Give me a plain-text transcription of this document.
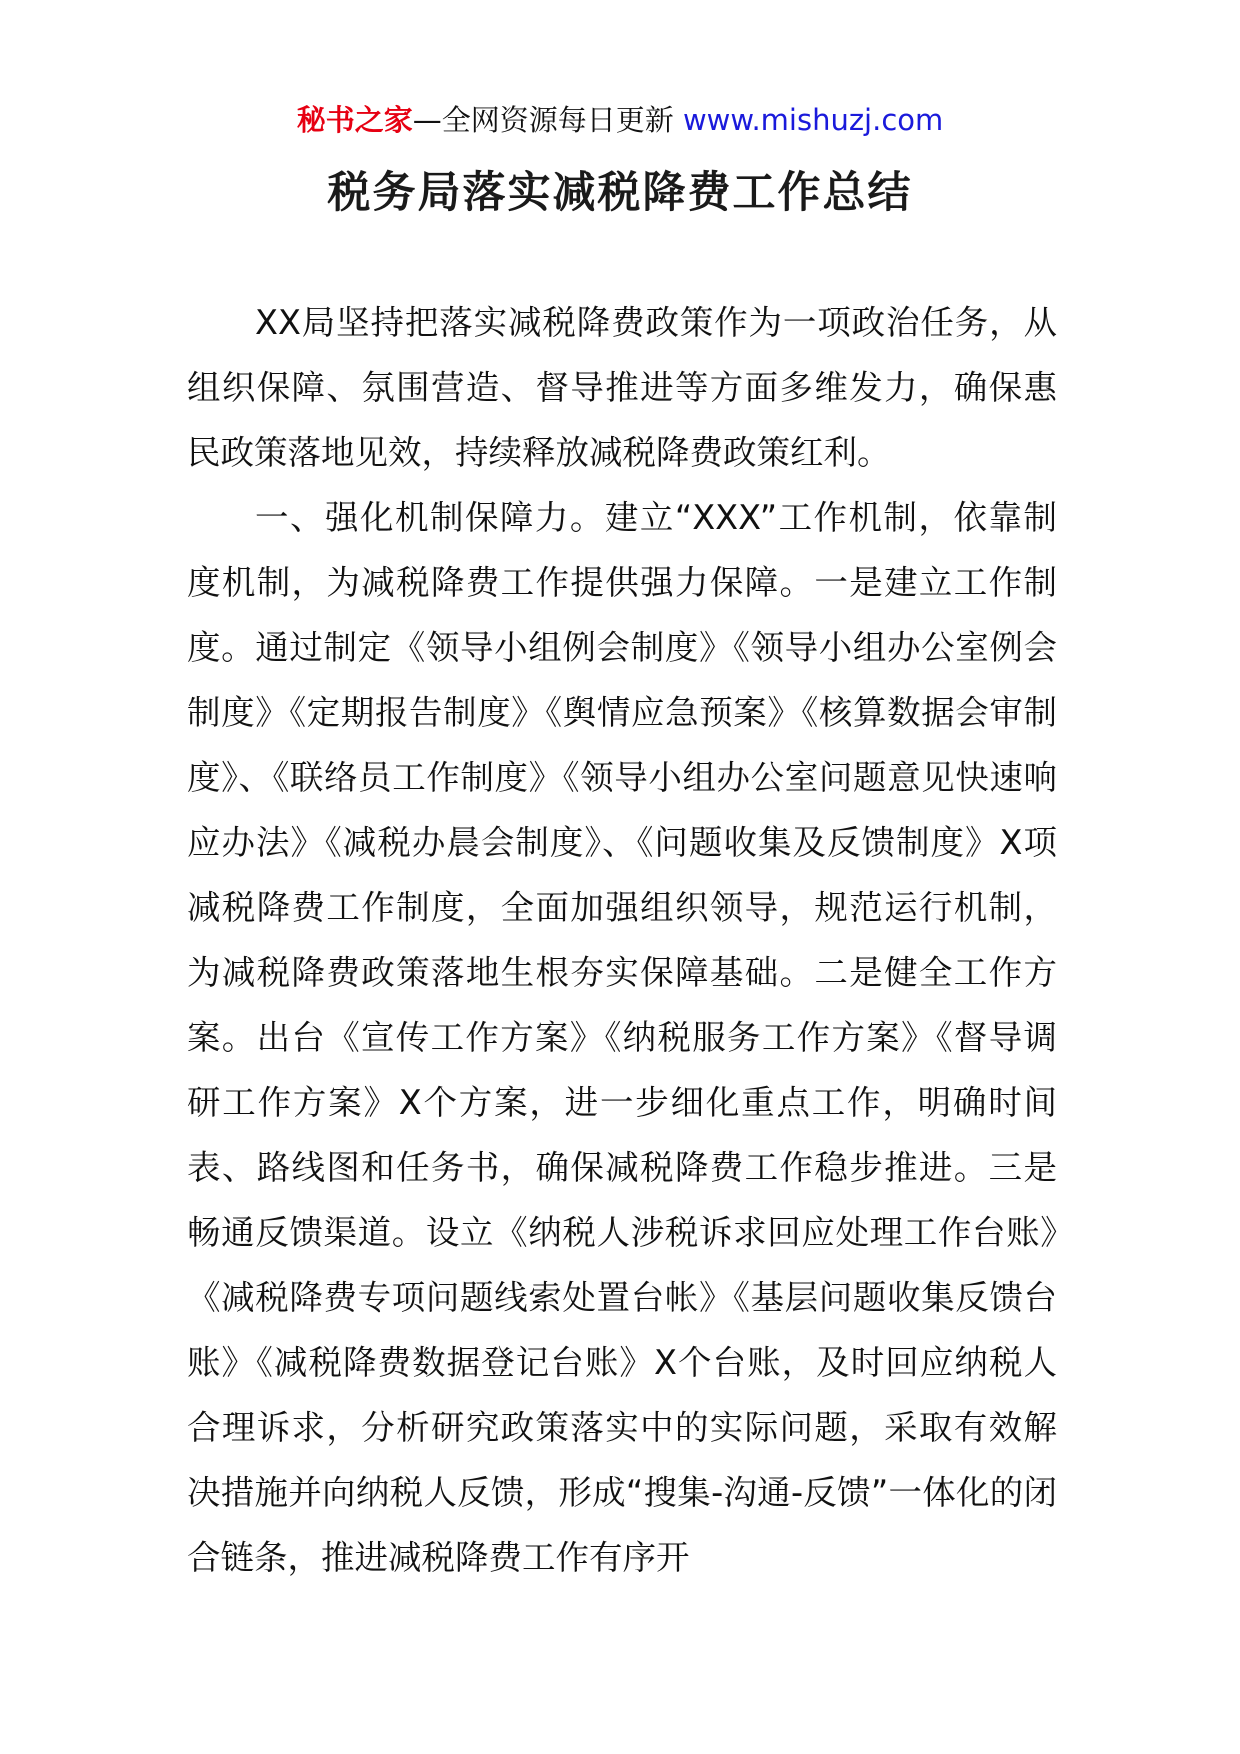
秘书之家—全网资源每日更新 www.mishuzj.com
税务局落实减税降费工作总结

XX局坚持把落实减税降费政策作为一项政治任务，从组织保障、氛围营造、督导推进等方面多维发力，确保惠民政策落地见效，持续释放减税降费政策红利。

一、强化机制保障力。建立“XXX”工作机制，依靠制度机制，为减税降费工作提供强力保障。一是建立工作制度。通过制定《领导小组例会制度》《领导小组办公室例会制度》《定期报告制度》《舆情应急预案》《核算数据会审制度》、《联络员工作制度》《领导小组办公室问题意见快速响应办法》《减税办晨会制度》、《问题收集及反馈制度》X项减税降费工作制度，全面加强组织领导，规范运行机制，为减税降费政策落地生根夯实保障基础。二是健全工作方案。出台《宣传工作方案》《纳税服务工作方案》《督导调研工作方案》X个方案，进一步细化重点工作，明确时间表、路线图和任务书，确保减税降费工作稳步推进。三是畅通反馈渠道。设立《纳税人涉税诉求回应处理工作台账》《减税降费专项问题线索处置台帐》《基层问题收集反馈台账》《减税降费数据登记台账》X个台账，及时回应纳税人合理诉求，分析研究政策落实中的实际问题，采取有效解决措施并向纳税人反馈，形成“搜集-沟通-反馈”一体化的闭合链条，推进减税降费工作有序开
